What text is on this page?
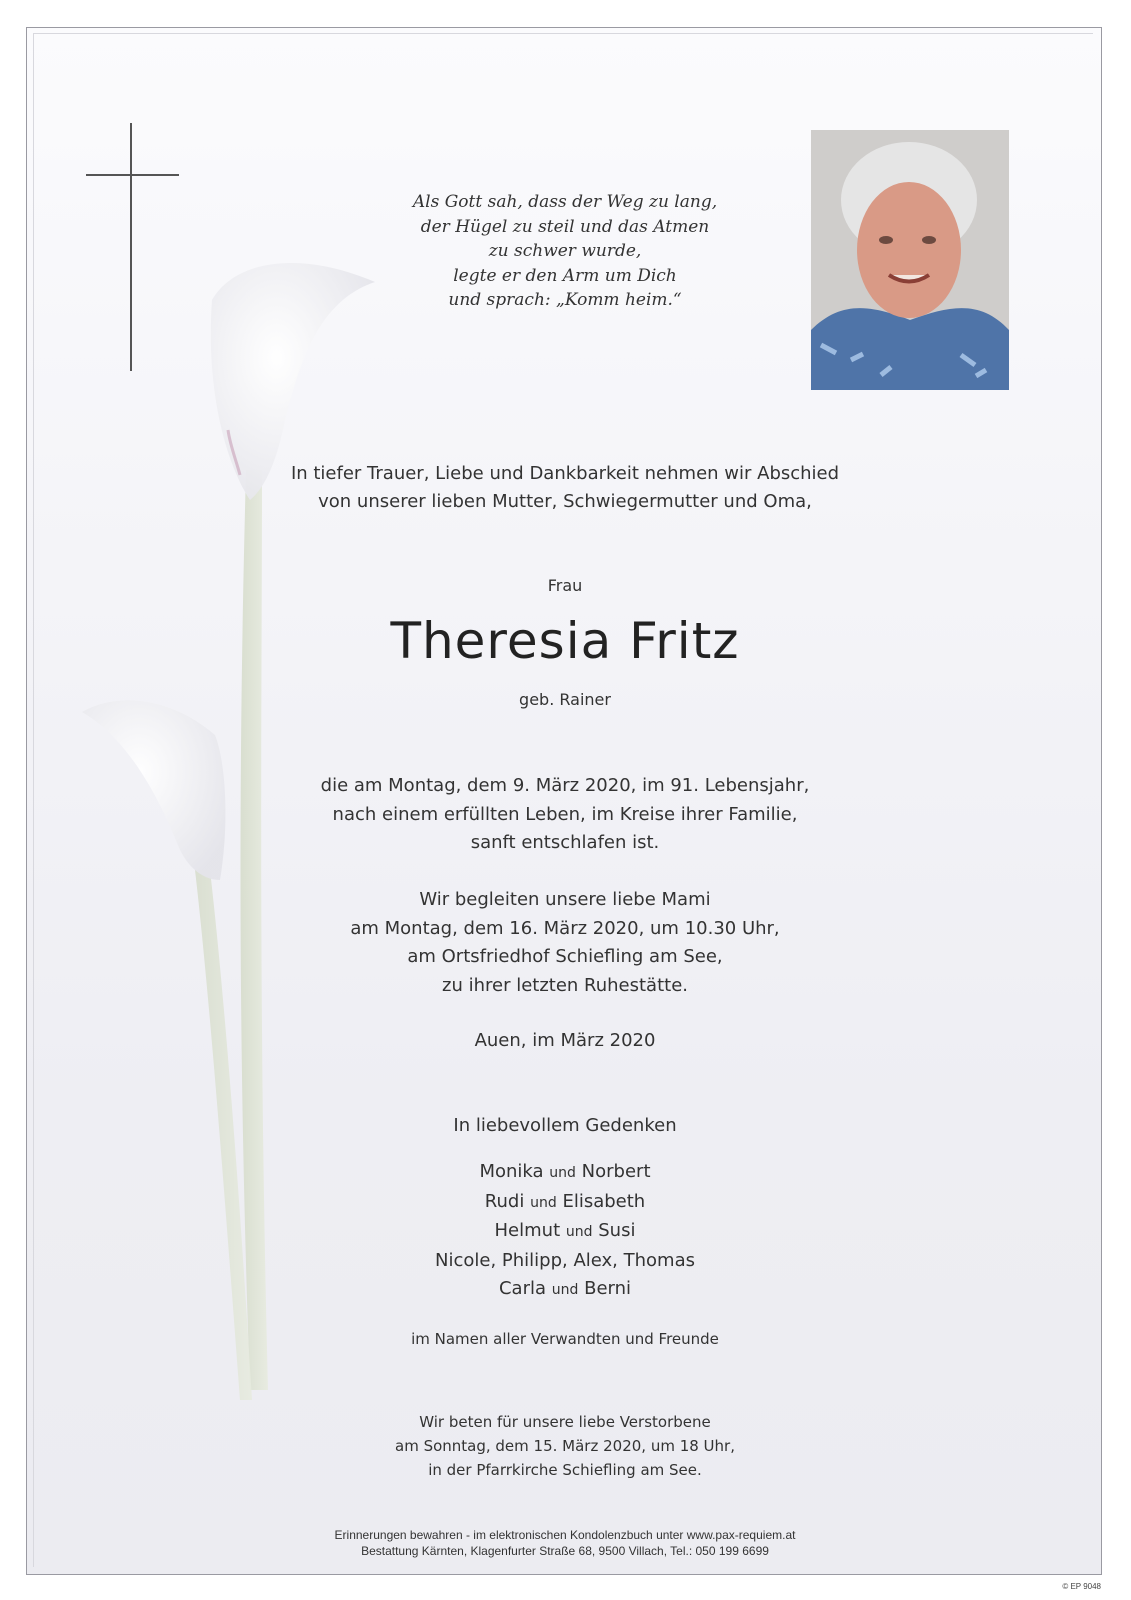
Als Gott sah, dass der Weg zu lang,
der Hügel zu steil und das Atmen
zu schwer wurde,
legte er den Arm um Dich
und sprach: „Komm heim.“
In tiefer Trauer, Liebe und Dankbarkeit nehmen wir Abschied
von unserer lieben Mutter, Schwiegermutter und Oma,
Frau
Theresia Fritz
geb. Rainer
die am Montag, dem 9. März 2020, im 91. Lebensjahr,
nach einem erfüllten Leben, im Kreise ihrer Familie,
sanft entschlafen ist.
Wir begleiten unsere liebe Mami
am Montag, dem 16. März 2020, um 10.30 Uhr,
am Ortsfriedhof Schiefling am See,
zu ihrer letzten Ruhestätte.
Auen, im März 2020
In liebevollem Gedenken
Monika und Norbert
Rudi und Elisabeth
Helmut und Susi
Nicole, Philipp, Alex, Thomas
Carla und Berni
im Namen aller Verwandten und Freunde
Wir beten für unsere liebe Verstorbene
am Sonntag, dem 15. März 2020, um 18 Uhr,
in der Pfarrkirche Schiefling am See.
Erinnerungen bewahren - im elektronischen Kondolenzbuch unter www.pax-requiem.at
Bestattung Kärnten, Klagenfurter Straße 68, 9500 Villach, Tel.: 050 199 6699
© EP 9048
